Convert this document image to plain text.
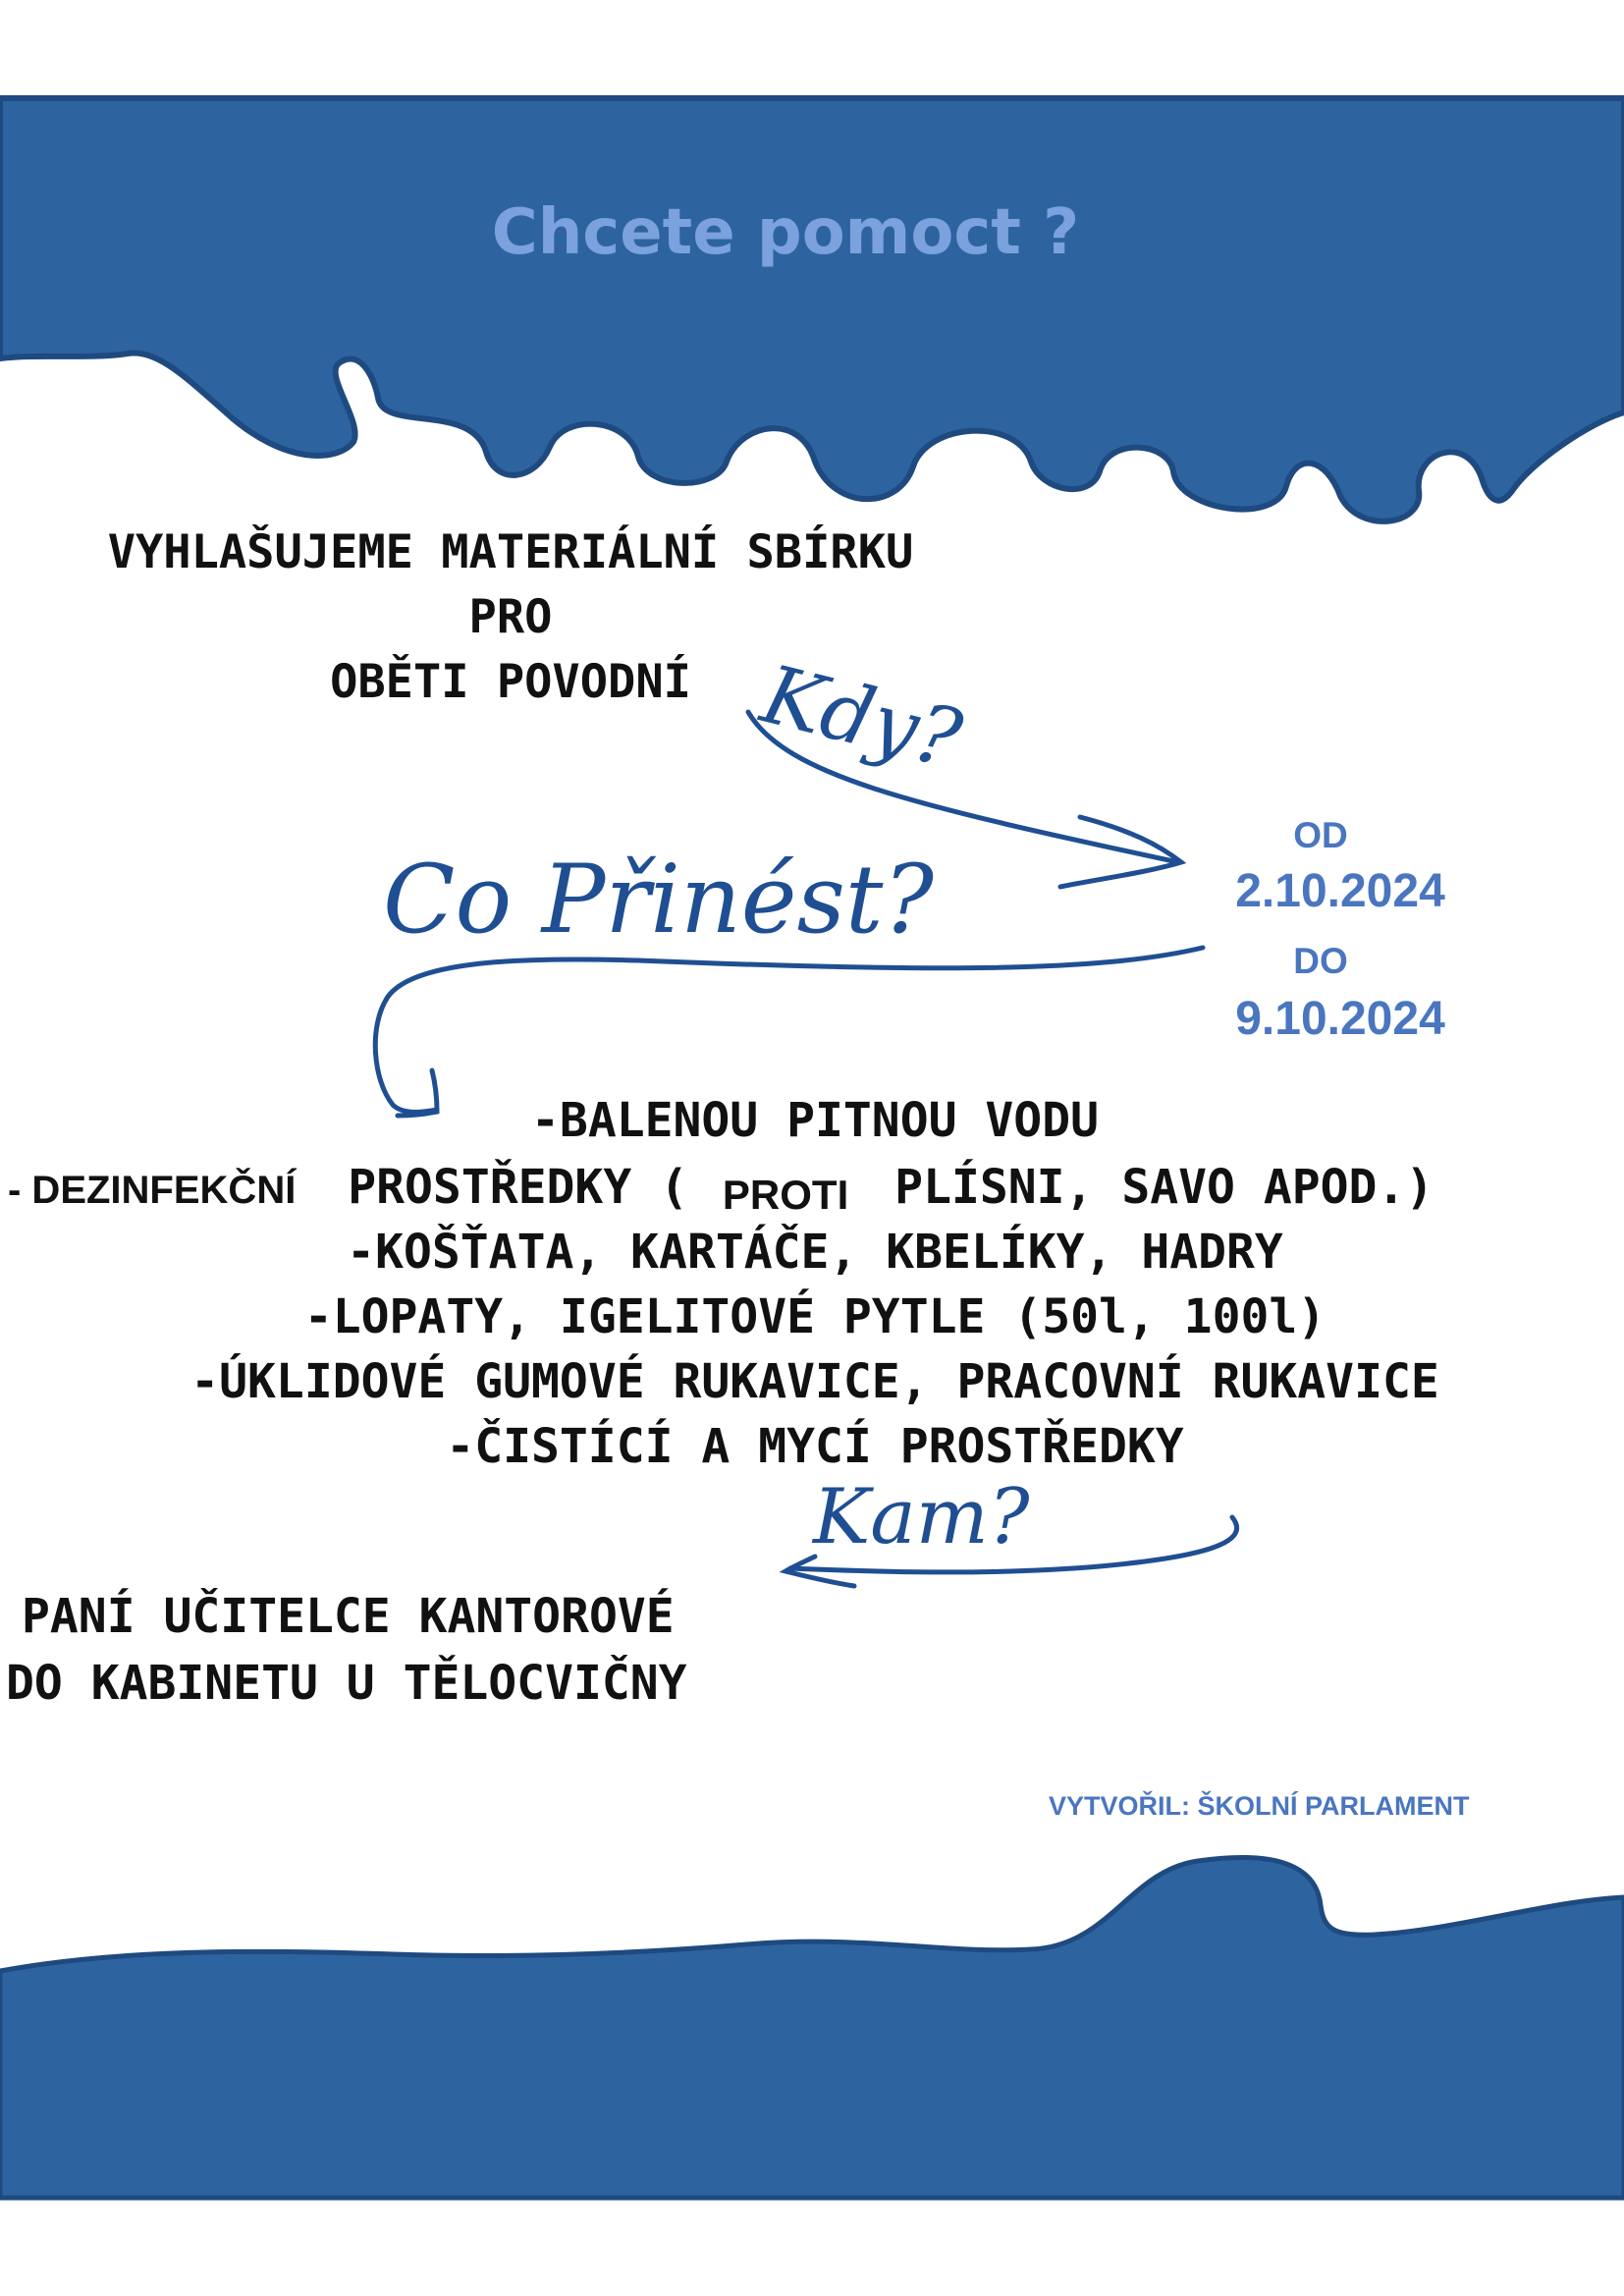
Chcete pomoct ?
VYHLAŠUJEME MATERIÁLNÍ SBÍRKU
PRO
OBĚTI POVODNÍ Kdy?
Co Přinést?
Kam?
OD
2.10.2024
DO
9.10.2024
-BALENOU PITNOU VODU
- DEZINFEKČNÍ PROSTŘEDKY ( PROTI PLÍSNI, SAVO APOD.)
-KOŠŤATA, KARTÁČE, KBELÍKY, HADRY
-LOPATY, IGELITOVÉ PYTLE (50l, 100l)
-ÚKLIDOVÉ GUMOVÉ RUKAVICE, PRACOVNÍ RUKAVICE
-ČISTÍCÍ A MYCÍ PROSTŘEDKY
PANÍ UČITELCE KANTOROVÉ
DO KABINETU U TĚLOCVIČNY
VYTVOŘIL: ŠKOLNÍ PARLAMENT
